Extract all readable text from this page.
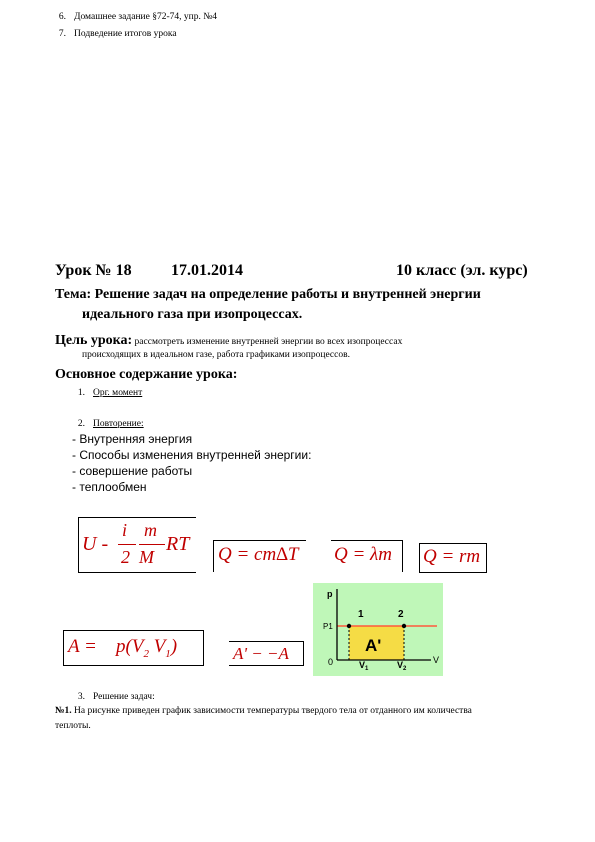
6. Домашнее задание §72-74, упр. №4
7. Подведение итогов урока
Урок № 18 17.01.2014	10 класс (эл. курс)
Тема: Решение задач на определение работы и внутренней энергии
идеального газа при изопроцессах.
Цель урока: рассмотреть изменение внутренней энергии во всех изопроцессах
происходящих в идеальном газе, работа графиками изопроцессов.
Основное содержание урока:
1. Орг. момент
2. Повторение:
- Внутренняя энергия
- Способы изменения внутренней энергии:
- совершение работы
- теплообмен
U -
i
2
m
M
RT Q = cm∆T Q = λm Q = rm
$A = p(V_2$ $V_1$)	A' − −A
p
P1
0
1	2
A'
$V_1$	$V_2$
V
3. Решение задач:
№1. На рисунке приведен график зависимости температуры твердого тела от отданного им количества
теплоты.
